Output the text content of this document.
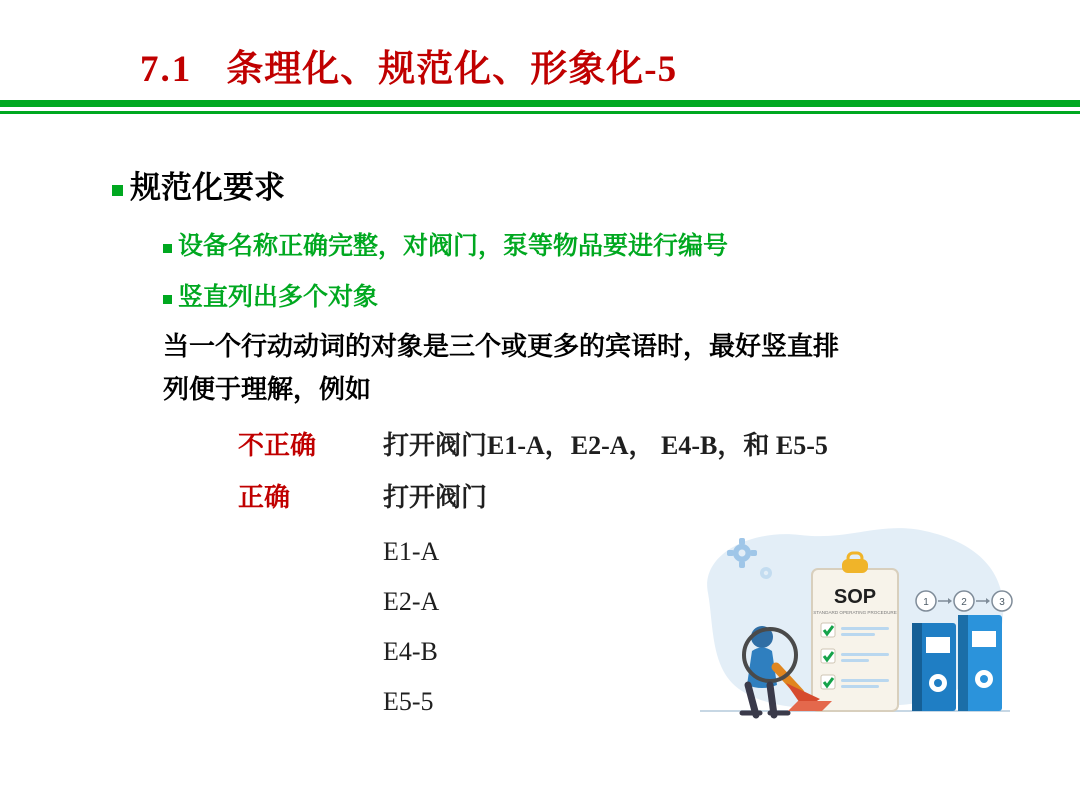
7.1 条理化、规范化、形象化-5
规范化要求
设备名称正确完整，对阀门，泵等物品要进行编号
竖直列出多个对象
当一个行动动词的对象是三个或更多的宾语时，最好竖直排列便于理解，例如
不正确	打开阀门E1-A，E2-A， E4-B，和 E5-5
正确	打开阀门
E1-A
E2-A
E4-B
E5-5
1	2	3
SOP
STANDARD OPERATING PROCEDURE
